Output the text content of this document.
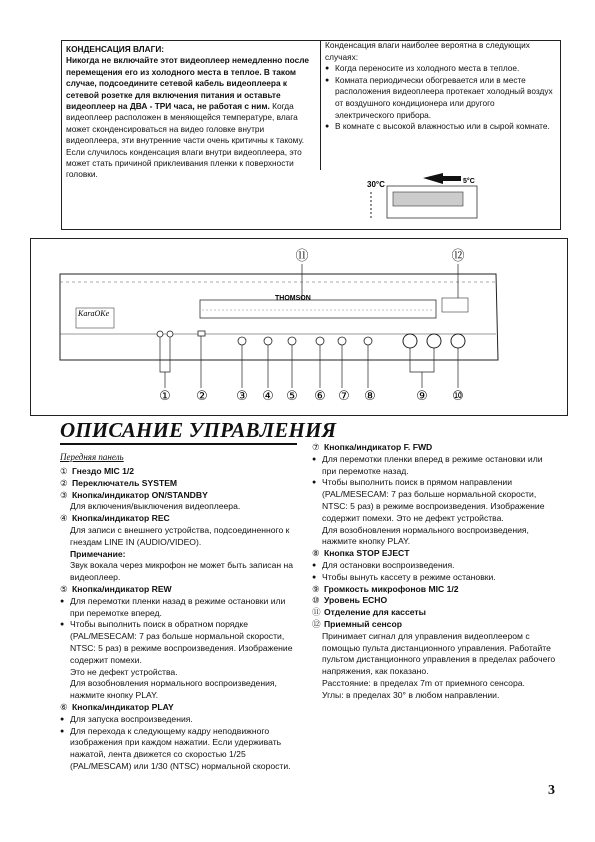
КОНДЕНСАЦИЯ ВЛАГИ:
Никогда не включайте этот видеоплеер немедленно после перемещения его из холодного места в теплое. В таком случае, подсоедините сетевой кабель видеоплеера к сетевой розетке для включения питания и оставьте видеоплеер на ДВА - ТРИ часа, не работая с ним. Когда видеоплеер расположен в меняющейся температуре, влага может сконденсироваться на видео головке внутри видеоплеера, эти внутренние части очень критичны к такому. Если случилось конденсация влаги внутри видеоплеера, это может стать причиной приклеивания пленки к поверхности головки.
Конденсация влаги наиболее вероятна в следующих случаях:
● Когда переносите из холодного места в теплое.
● Комната периодически обогревается или в месте расположения видеоплеера протекает холодный воздух от воздушного кондиционера или другого электрического прибора.
● В комнате с высокой влажностью или в сырой комнате.
30°C	5°C
THOMSON
KaraOKe
① ② ③ ④ ⑤ ⑥ ⑦ ⑧	⑨ ⑩
⑪	⑫
ОПИСАНИЕ УПРАВЛЕНИЯ
Передняя панель
① Гнездо MIC 1/2
② Переключатель SYSTEM
③ Кнопка/индикатор ON/STANDBY
Для включения/выключения видеоплеера.
④ Кнопка/индикатор REC
Для записи с внешнего устройства, подсоединенного к гнездам LINE IN (AUDIO/VIDEO).
Примечание:
Звук вокала через микрофон не может быть записан на видеоплеер.
⑤ Кнопка/индикатор REW
● Для перемотки пленки назад в режиме остановки или при перемотке вперед.
● Чтобы выполнить поиск в обратном порядке (PAL/MESECAM: 7 раз больше нормальной скорости, NTSC: 5 раз) в режиме воспроизведения. Изображение содержит помехи.
Это не дефект устройства.
Для возобновления нормального воспроизведения, нажмите кнопку PLAY.
⑥ Кнопка/индикатор PLAY
● Для запуска воспроизведения.
● Для перехода к следующему кадру неподвижного изображения при каждом нажатии. Если удерживать нажатой, лента движется со скоростью 1/25 (PAL/MESCAM) или 1/30 (NTSC) нормальной скорости.
⑦ Кнопка/индикатор F. FWD
● Для перемотки пленки вперед в режиме остановки или при перемотке назад.
● Чтобы выполнить поиск в прямом направлении (PAL/MESECAM: 7 раз больше нормальной скорости, NTSC: 5 раз) в режиме воспроизведения. Изображение содержит помехи. Это не дефект устройства.
Для возобновления нормального воспроизведения, нажмите кнопку PLAY.
⑧ Кнопка STOP EJECT
● Для остановки воспроизведения.
● Чтобы вынуть кассету в режиме остановки.
⑨ Громкость микрофонов MIC 1/2
⑩ Уровень ECHO
⑪ Отделение для кассеты
⑫ Приемный сенсор
Принимает сигнал для управления видеоплеером с помощью пульта дистанционного управления. Работайте пультом дистанционного управления в пределах рабочего напряжения, как показано.
Расстояние: в пределах 7m от приемного сенсора.
Углы: в пределах 30° в любом направлении.
3
